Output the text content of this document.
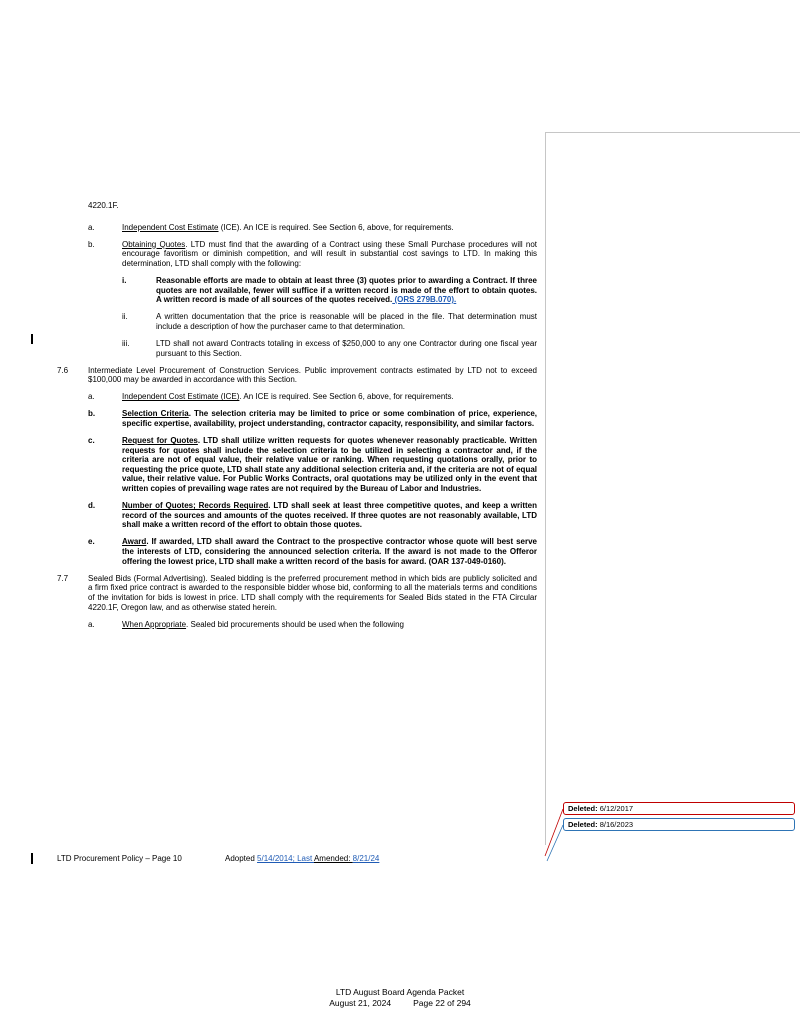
4220.1F.
a.	Independent Cost Estimate (ICE). An ICE is required. See Section 6, above, for requirements.
b.	Obtaining Quotes. LTD must find that the awarding of a Contract using these Small Purchase procedures will not encourage favoritism or diminish competition, and will result in substantial cost savings to LTD. In making this determination, LTD shall comply with the following:
i.	Reasonable efforts are made to obtain at least three (3) quotes prior to awarding a Contract. If three quotes are not available, fewer will suffice if a written record is made of the effort to obtain quotes. A written record is made of all sources of the quotes received. (ORS 279B.070).
ii.	A written documentation that the price is reasonable will be placed in the file. That determination must include a description of how the purchaser came to that determination.
iii.	LTD shall not award Contracts totaling in excess of $250,000 to any one Contractor during one fiscal year pursuant to this Section.
7.6 Intermediate Level Procurement of Construction Services. Public improvement contracts estimated by LTD not to exceed $100,000 may be awarded in accordance with this Section.
a.	Independent Cost Estimate (ICE). An ICE is required. See Section 6, above, for requirements.
b.	Selection Criteria. The selection criteria may be limited to price or some combination of price, experience, specific expertise, availability, project understanding, contractor capacity, responsibility, and similar factors.
c.	Request for Quotes. LTD shall utilize written requests for quotes whenever reasonably practicable. Written requests for quotes shall include the selection criteria to be utilized in selecting a contractor and, if the criteria are not of equal value, their relative value or ranking. When requesting quotations orally, prior to requesting the price quote, LTD shall state any additional selection criteria and, if the criteria are not of equal value, their relative value. For Public Works Contracts, oral quotations may be utilized only in the event that written copies of prevailing wage rates are not required by the Bureau of Labor and Industries.
d.	Number of Quotes; Records Required. LTD shall seek at least three competitive quotes, and keep a written record of the sources and amounts of the quotes received. If three quotes are not reasonably available, LTD shall make a written record of the effort to obtain those quotes.
e.	Award. If awarded, LTD shall award the Contract to the prospective contractor whose quote will best serve the interests of LTD, considering the announced selection criteria. If the award is not made to the Offeror offering the lowest price, LTD shall make a written record of the basis for award. (OAR 137-049-0160).
7.7 Sealed Bids (Formal Advertising). Sealed bidding is the preferred procurement method in which bids are publicly solicited and a firm fixed price contract is awarded to the responsible bidder whose bid, conforming to all the materials terms and conditions of the invitation for bids is lowest in price. LTD shall comply with the requirements for Sealed Bids stated in the FTA Circular 4220.1F, Oregon law, and as otherwise stated herein.
a.	When Appropriate. Sealed bid procurements should be used when the following
LTD Procurement Policy – Page 10	Adopted 5/14/2014; Last Amended: 8/21/24
Deleted: 6/12/2017
Deleted: 8/16/2023
LTD August Board Agenda Packet
August 21, 2024	Page 22 of 294
